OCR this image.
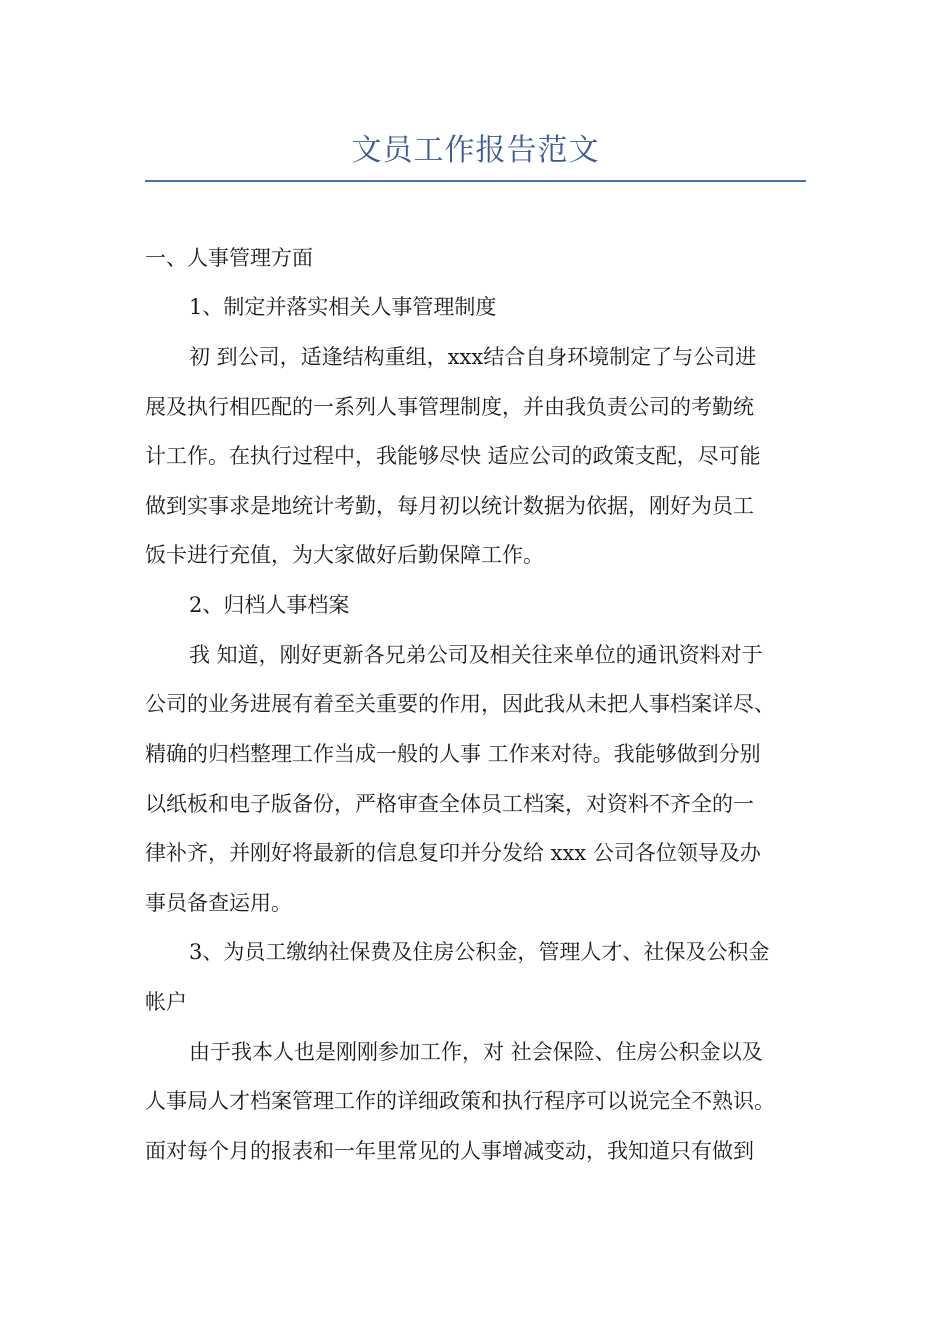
文员工作报告范文
一、人事管理方面
1、制定并落实相关人事管理制度
初 到公司，适逢结构重组，xxx结合自身环境制定了与公司进
展及执行相匹配的一系列人事管理制度，并由我负责公司的考勤统
计工作。在执行过程中，我能够尽快 适应公司的政策支配，尽可能
做到实事求是地统计考勤，每月初以统计数据为依据，刚好为员工
饭卡进行充值，为大家做好后勤保障工作。
2、归档人事档案
我 知道，刚好更新各兄弟公司及相关往来单位的通讯资料对于
公司的业务进展有着至关重要的作用，因此我从未把人事档案详尽、
精确的归档整理工作当成一般的人事 工作来对待。我能够做到分别
以纸板和电子版备份，严格审查全体员工档案，对资料不齐全的一
律补齐，并刚好将最新的信息复印并分发给 xxx 公司各位领导及办
事员备查运用。
3、为员工缴纳社保费及住房公积金，管理人才、社保及公积金
帐户
由于我本人也是刚刚参加工作，对 社会保险、住房公积金以及
人事局人才档案管理工作的详细政策和执行程序可以说完全不熟识。
面对每个月的报表和一年里常见的人事增减变动，我知道只有做到
